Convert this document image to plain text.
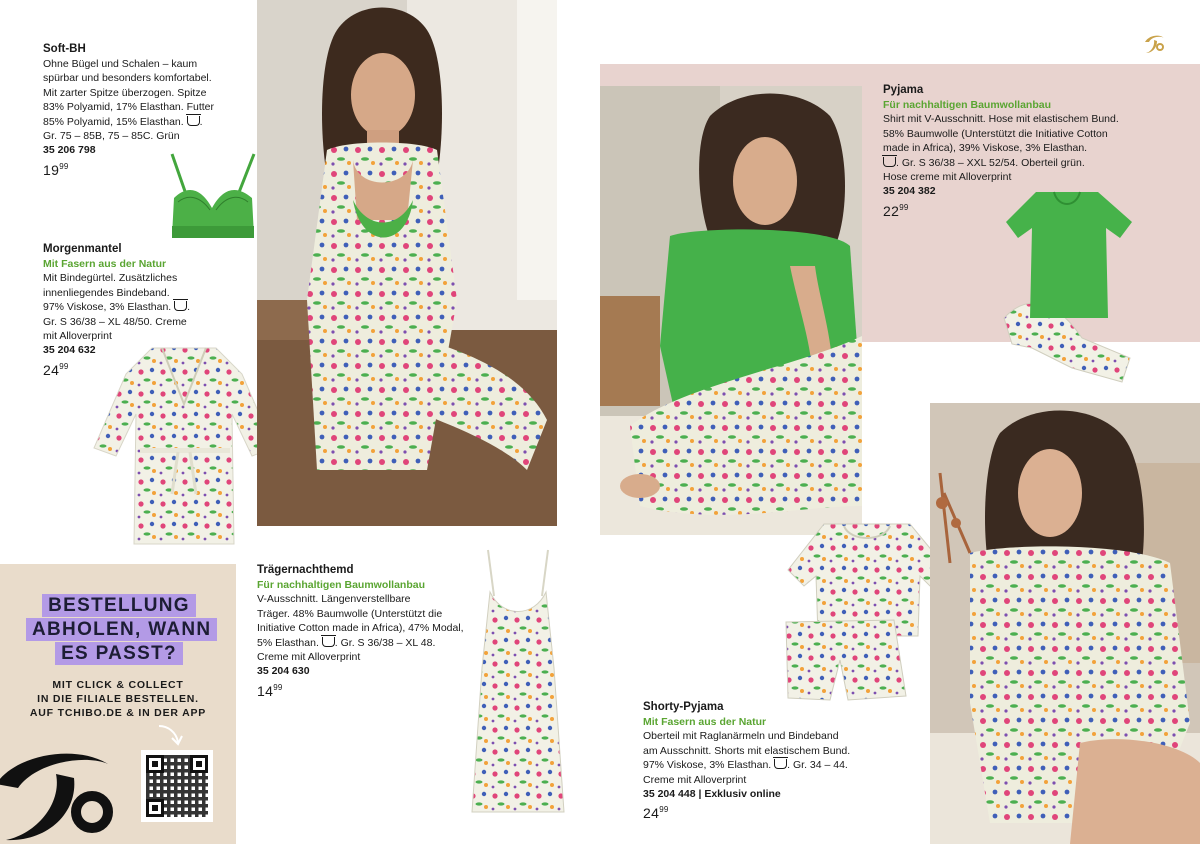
Soft-BH
Ohne Bügel und Schalen – kaum
spürbar und besonders komfortabel.
Mit zarter Spitze überzogen. Spitze
83% Polyamid, 17% Elasthan. Futter
85% Polyamid, 15% Elasthan. .
Gr. 75 – 85B, 75 – 85C. Grün
35 206 798
$19^{99}$
Morgenmantel
Mit Fasern aus der Natur
Mit Bindegürtel. Zusätzliches
innenliegendes Bindeband.
97% Viskose, 3% Elasthan. .
Gr. S 36/38 – XL 48/50. Creme
mit Alloverprint
35 204 632
$24^{99}$
Trägernachthemd
Für nachhaltigen Baumwollanbau
V-Ausschnitt. Längenverstellbare
Träger. 48% Baumwolle (Unterstützt die
Initiative Cotton made in Africa), 47% Modal,
5% Elasthan. . Gr. S 36/38 – XL 48.
Creme mit Alloverprint
35 204 630
$14^{99}$
BESTELLUNG ABHOLEN, WANN ES PASST?
MIT CLICK & COLLECT
IN DIE FILIALE BESTELLEN.
AUF TCHIBO.DE & IN DER APP
Pyjama
Für nachhaltigen Baumwollanbau
Shirt mit V-Ausschnitt. Hose mit elastischem Bund.
58% Baumwolle (Unterstützt die Initiative Cotton
made in Africa), 39% Viskose, 3% Elasthan.
. Gr. S 36/38 – XXL 52/54. Oberteil grün.
Hose creme mit Alloverprint
35 204 382
$22^{99}$
Shorty-Pyjama
Mit Fasern aus der Natur
Oberteil mit Raglanärmeln und Bindeband
am Ausschnitt. Shorts mit elastischem Bund.
97% Viskose, 3% Elasthan. . Gr. 34 – 44.
Creme mit Alloverprint
35 204 448 | Exklusiv online
$24^{99}$
